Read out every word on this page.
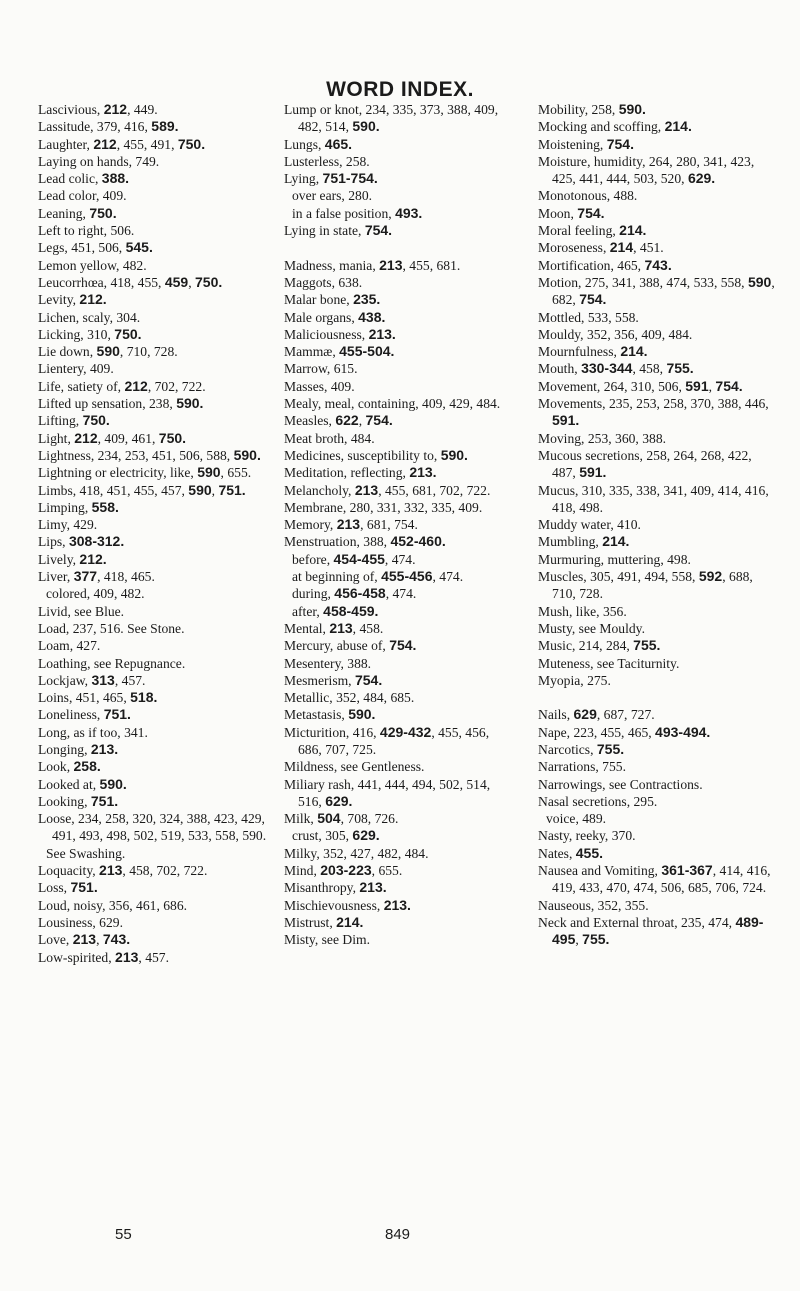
WORD INDEX.
Lascivious, 212, 449.
Lassitude, 379, 416, 589.
Laughter, 212, 455, 491, 750.
Laying on hands, 749.
Lead colic, 388.
Lead color, 409.
Leaning, 750.
Left to right, 506.
Legs, 451, 506, 545.
Lemon yellow, 482.
Leucorrhœa, 418, 455, 459, 750.
Levity, 212.
Lichen, scaly, 304.
Licking, 310, 750.
Lie down, 590, 710, 728.
Lientery, 409.
Life, satiety of, 212, 702, 722.
Lifted up sensation, 238, 590.
Lifting, 750.
Light, 212, 409, 461, 750.
Lightness, 234, 253, 451, 506, 588, 590.
Lightning or electricity, like, 590, 655.
Limbs, 418, 451, 455, 457, 590, 751.
Limping, 558.
Limy, 429.
Lips, 308-312.
Lively, 212.
Liver, 377, 418, 465.
colored, 409, 482.
Livid, see Blue.
Load, 237, 516. See Stone.
Loam, 427.
Loathing, see Repugnance.
Lockjaw, 313, 457.
Loins, 451, 465, 518.
Loneliness, 751.
Long, as if too, 341.
Longing, 213.
Look, 258.
Looked at, 590.
Looking, 751.
Loose, 234, 258, 320, 324, 388, 423, 429, 491, 493, 498, 502, 519, 533, 558, 590.
See Swashing.
Loquacity, 213, 458, 702, 722.
Loss, 751.
Loud, noisy, 356, 461, 686.
Lousiness, 629.
Love, 213, 743.
Low-spirited, 213, 457.
Lump or knot, 234, 335, 373, 388, 409, 482, 514, 590.
Lungs, 465.
Lusterless, 258.
Lying, 751-754.
over ears, 280.
in a false position, 493.
Lying in state, 754.
Madness, mania, 213, 455, 681.
Maggots, 638.
Malar bone, 235.
Male organs, 438.
Maliciousness, 213.
Mammæ, 455-504.
Marrow, 615.
Masses, 409.
Mealy, meal, containing, 409, 429, 484.
Measles, 622, 754.
Meat broth, 484.
Medicines, susceptibility to, 590.
Meditation, reflecting, 213.
Melancholy, 213, 455, 681, 702, 722.
Membrane, 280, 331, 332, 335, 409.
Memory, 213, 681, 754.
Menstruation, 388, 452-460.
before, 454-455, 474.
at beginning of, 455-456, 474.
during, 456-458, 474.
after, 458-459.
Mental, 213, 458.
Mercury, abuse of, 754.
Mesentery, 388.
Mesmerism, 754.
Metallic, 352, 484, 685.
Metastasis, 590.
Micturition, 416, 429-432, 455, 456, 686, 707, 725.
Mildness, see Gentleness.
Miliary rash, 441, 444, 494, 502, 514, 516, 629.
Milk, 504, 708, 726.
crust, 305, 629.
Milky, 352, 427, 482, 484.
Mind, 203-223, 655.
Misanthropy, 213.
Mischievousness, 213.
Mistrust, 214.
Misty, see Dim.
Mobility, 258, 590.
Mocking and scoffing, 214.
Moistening, 754.
Moisture, humidity, 264, 280, 341, 423, 425, 441, 444, 503, 520, 629.
Monotonous, 488.
Moon, 754.
Moral feeling, 214.
Moroseness, 214, 451.
Mortification, 465, 743.
Motion, 275, 341, 388, 474, 533, 558, 590, 682, 754.
Mottled, 533, 558.
Mouldy, 352, 356, 409, 484.
Mournfulness, 214.
Mouth, 330-344, 458, 755.
Movement, 264, 310, 506, 591, 754.
Movements, 235, 253, 258, 370, 388, 446, 591.
Moving, 253, 360, 388.
Mucous secretions, 258, 264, 268, 422, 487, 591.
Mucus, 310, 335, 338, 341, 409, 414, 416, 418, 498.
Muddy water, 410.
Mumbling, 214.
Murmuring, muttering, 498.
Muscles, 305, 491, 494, 558, 592, 688, 710, 728.
Mush, like, 356.
Musty, see Mouldy.
Music, 214, 284, 755.
Muteness, see Taciturnity.
Myopia, 275.
Nails, 629, 687, 727.
Nape, 223, 455, 465, 493-494.
Narcotics, 755.
Narrations, 755.
Narrowings, see Contractions.
Nasal secretions, 295.
voice, 489.
Nasty, reeky, 370.
Nates, 455.
Nausea and Vomiting, 361-367, 414, 416, 419, 433, 470, 474, 506, 685, 706, 724.
Nauseous, 352, 355.
Neck and External throat, 235, 474, 489-495, 755.
55	849
